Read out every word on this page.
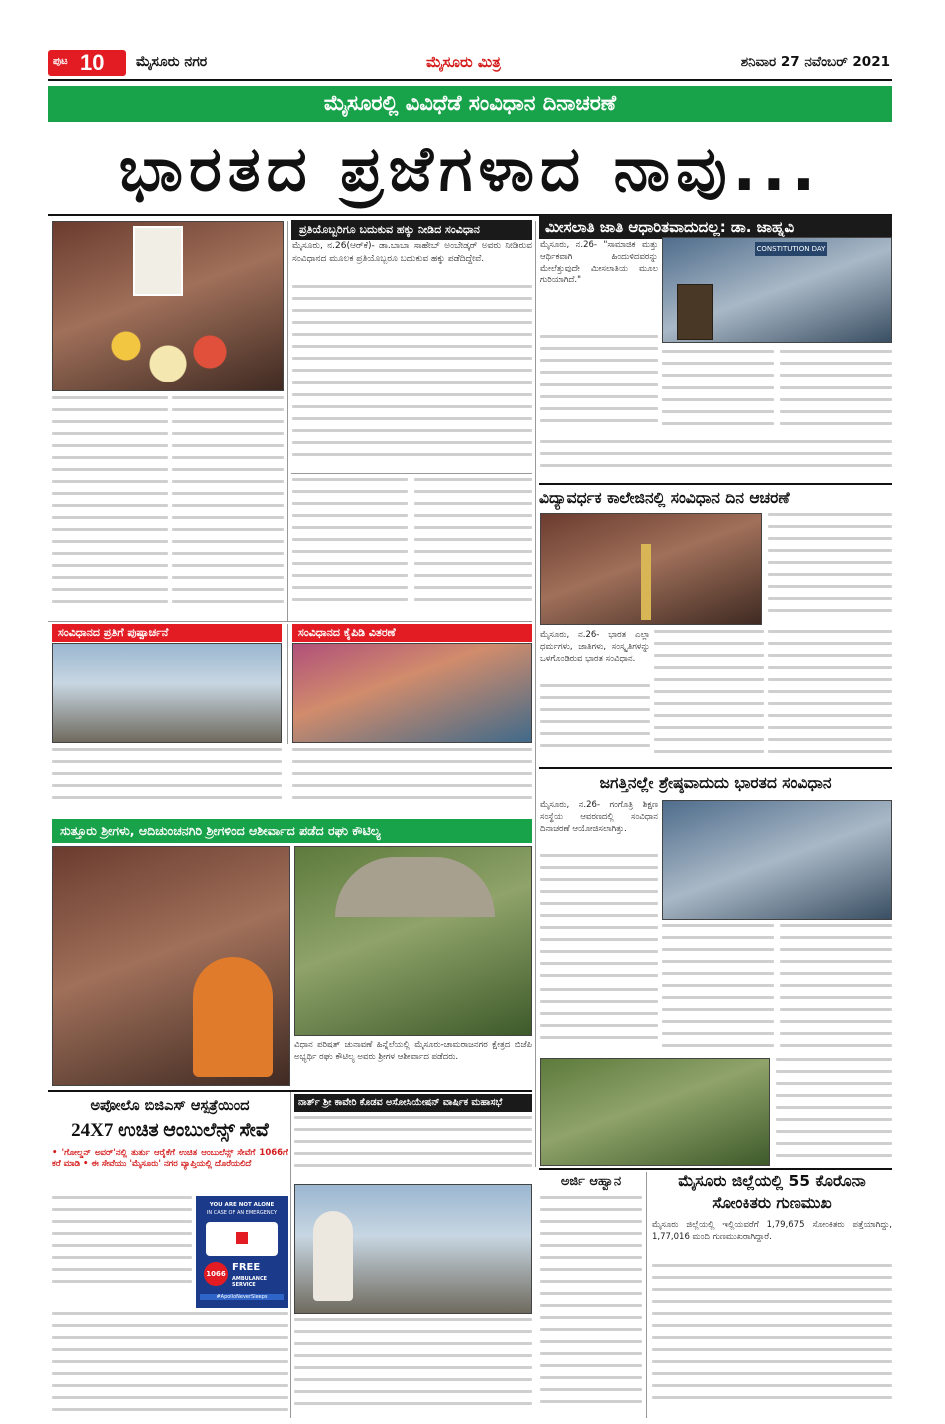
ಪುಟ 10 ಮೈಸೂರು ನಗರ	ಮೈಸೂರು ಮಿತ್ರ	ಶನಿವಾರ 27 ನವೆಂಬರ್ 2021
ಮೈಸೂರಲ್ಲಿ ವಿವಿಧೆಡೆ ಸಂವಿಧಾನ ದಿನಾಚರಣೆ
ಭಾರತದ ಪ್ರಜೆಗಳಾದ ನಾವು...
ಪ್ರತಿಯೊಬ್ಬರಿಗೂ ಬದುಕುವ ಹಕ್ಕು ನೀಡಿದ ಸಂವಿಧಾನ
ಮೈಸೂರು, ನ.26(ಆರ್‌ಕೆ)- ಡಾ.ಬಾಬಾ ಸಾಹೇಬ್ ಅಂಬೇಡ್ಕರ್ ಅವರು ನೀಡಿರುವ ಸಂವಿಧಾನದ ಮೂಲಕ ಪ್ರತಿಯೊಬ್ಬರೂ ಬದುಕುವ ಹಕ್ಕು ಪಡೆದಿದ್ದೇವೆ.
ಮೀಸಲಾತಿ ಜಾತಿ ಆಧಾರಿತವಾದುದಲ್ಲ: ಡಾ. ಜಾಹ್ನವಿ
ಮೈಸೂರು, ನ.26- "ಸಾಮಾಜಿಕ ಮತ್ತು ಆರ್ಥಿಕವಾಗಿ ಹಿಂದುಳಿದವರನ್ನು ಮೇಲೆತ್ತುವುದೇ ಮೀಸಲಾತಿಯ ಮೂಲ ಗುರಿಯಾಗಿದೆ."
CONSTITUTION DAY
ವಿದ್ಯಾವರ್ಧಕ ಕಾಲೇಜಿನಲ್ಲಿ ಸಂವಿಧಾನ ದಿನ ಆಚರಣೆ
ಮೈಸೂರು, ನ.26- ಭಾರತ ಎಲ್ಲಾ ಧರ್ಮಗಳು, ಜಾತಿಗಳು, ಸಂಸ್ಕೃತಿಗಳನ್ನು ಒಳಗೊಂಡಿರುವ ಭಾರತ ಸಂವಿಧಾನ.
ಸಂವಿಧಾನದ ಪ್ರತಿಗೆ ಪುಷ್ಪಾರ್ಚನೆ	ಸಂವಿಧಾನದ ಕೈಪಿಡಿ ವಿತರಣೆ
ಸುತ್ತೂರು ಶ್ರೀಗಳು, ಆದಿಚುಂಚನಗಿರಿ ಶ್ರೀಗಳಿಂದ ಆಶೀರ್ವಾದ ಪಡೆದ ರಘು ಕೌಟಿಲ್ಯ
ವಿಧಾನ ಪರಿಷತ್ ಚುನಾವಣೆ ಹಿನ್ನೆಲೆಯಲ್ಲಿ ಮೈಸೂರು-ಚಾಮರಾಜನಗರ ಕ್ಷೇತ್ರದ ಬಿಜೆಪಿ ಅಭ್ಯರ್ಥಿ ರಘು ಕೌಟಿಲ್ಯ ಅವರು ಶ್ರೀಗಳ ಆಶೀರ್ವಾದ ಪಡೆದರು.
ಜಗತ್ತಿನಲ್ಲೇ ಶ್ರೇಷ್ಠವಾದುದು ಭಾರತದ ಸಂವಿಧಾನ
ಮೈಸೂರು, ನ.26- ಗಂಗೊತ್ರಿ ಶಿಕ್ಷಣ ಸಂಸ್ಥೆಯ ಆವರಣದಲ್ಲಿ ಸಂವಿಧಾನ ದಿನಾಚರಣೆ ಆಯೋಜಿಸಲಾಗಿತ್ತು.
ಅಪೋಲೊ ಬಿಜಿಎಸ್ ಆಸ್ಪತ್ರೆಯಿಂದ
24X7 ಉಚಿತ ಆಂಬುಲೆನ್ಸ್ ಸೇವೆ
• 'ಗೋಲ್ಡನ್ ಅವರ್'ನಲ್ಲಿ ತುರ್ತು ಆರೈಕೆಗೆ ಉಚಿತ ಆಂಬುಲೆನ್ಸ್ ಸೇವೆಗೆ 1066ಗೆ ಕರೆ ಮಾಡಿ • ಈ ಸೇವೆಯು 'ಮೈಸೂರು' ನಗರ ವ್ಯಾಪ್ತಿಯಲ್ಲಿ ದೊರೆಯಲಿದೆ
YOU ARE NOT ALONE
IN CASE OF AN EMERGENCY
1066
FREE
AMBULANCE SERVICE
#ApolloNeverSleeps
ನಾರ್ತ್ ಶ್ರೀ ಕಾವೇರಿ ಕೊಡವ ಅಸೋಸಿಯೇಷನ್ ವಾರ್ಷಿಕ ಮಹಾಸಭೆ
ಅರ್ಜಿ ಆಹ್ವಾನ	ಮೈಸೂರು ಜಿಲ್ಲೆಯಲ್ಲಿ 55 ಕೊರೊನಾ ಸೋಂಕಿತರು ಗುಣಮುಖ
ಮೈಸೂರು ಜಿಲ್ಲೆಯಲ್ಲಿ ಇಲ್ಲಿಯವರೆಗೆ 1,79,675 ಸೋಂಕಿತರು ಪತ್ತೆಯಾಗಿದ್ದು, 1,77,016 ಮಂದಿ ಗುಣಮುಖರಾಗಿದ್ದಾರೆ.
